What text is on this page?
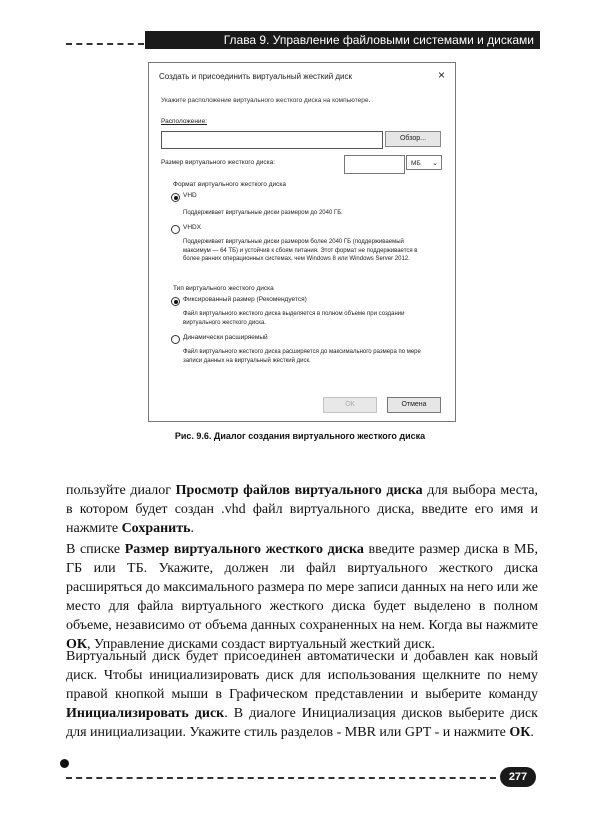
Глава 9. Управление файловыми системами и дисками
Создать и присоединить виртуальный жесткий диск	×
Укажите расположение виртуального жесткого диска на компьютере.
Расположение:
Обзор...
Размер виртуального жесткого диска:	МБ ⌄
Формат виртуального жесткого диска
VHD
Поддерживает виртуальные диски размером до 2040 ГБ.
VHDX
Поддерживает виртуальные диски размером более 2040 ГБ (поддерживаемый максимум — 64 ТБ) и устойчив к сбоям питания. Этот формат не поддерживается в более ранних операционных системах, чем Windows 8 или Windows Server 2012.
Тип виртуального жесткого диска
Фиксированный размер (Рекомендуется)
Файл виртуального жесткого диска выделяется в полном объеме при создании виртуального жесткого диска.
Динамически расширяемый
Файл виртуального жесткого диска расширяется до максимального размера по мере записи данных на виртуальный жесткий диск.
ОК	Отмена
Рис. 9.6. Диалог создания виртуального жесткого диска

пользуйте диалог Просмотр файлов виртуального диска для выбора места, в котором будет создан .vhd файл виртуального диска, введите его имя и нажмите Сохранить.

В списке Размер виртуального жесткого диска введите размер диска в МБ, ГБ или ТБ. Укажите, должен ли файл виртуального жесткого диска расширяться до максимального размера по мере записи данных на него или же место для файла виртуального жесткого диска будет выделено в полном объеме, независимо от объема данных сохраненных на нем. Когда вы нажмите ОК, Управление дисками создаст виртуальный жесткий диск.

Виртуальный диск будет присоединен автоматически и добавлен как новый диск. Чтобы инициализировать диск для использования щелкните по нему правой кнопкой мыши в Графическом представлении и выберите команду Инициализировать диск. В диалоге Инициализация дисков выберите диск для инициализации. Укажите стиль разделов - MBR или GPT - и нажмите ОК.

277
